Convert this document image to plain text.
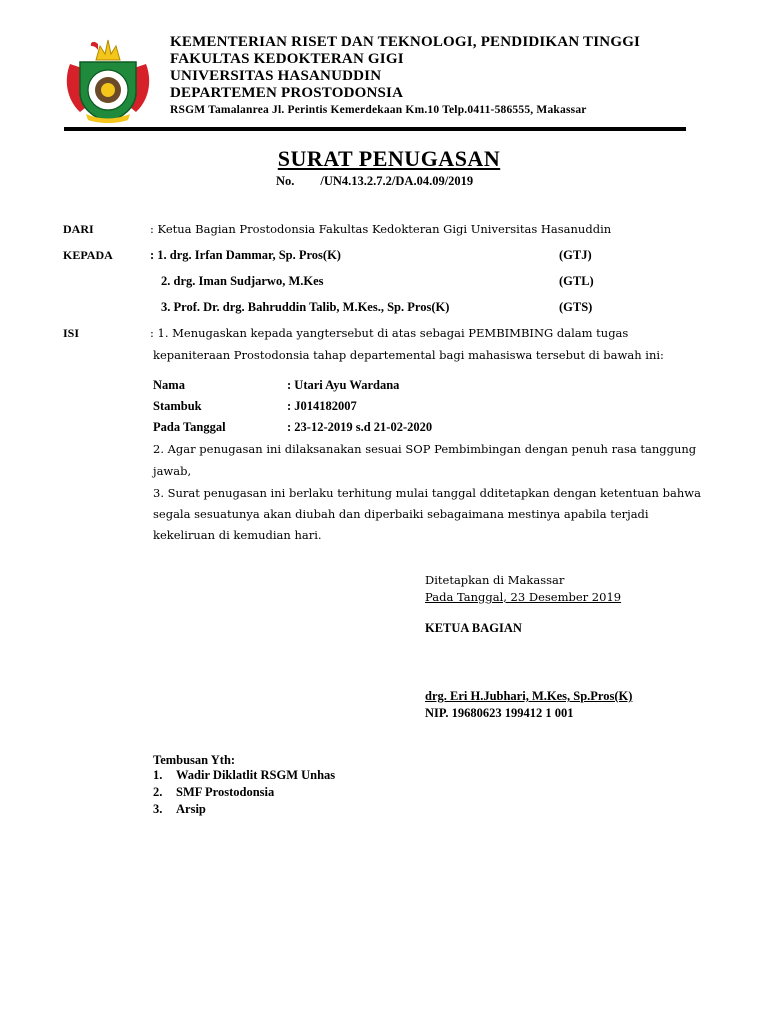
KEMENTERIAN RISET DAN TEKNOLOGI, PENDIDIKAN TINGGI
FAKULTAS KEDOKTERAN GIGI
UNIVERSITAS HASANUDDIN
DEPARTEMEN PROSTODONSIA
RSGM Tamalanrea Jl. Perintis Kemerdekaan Km.10 Telp.0411-586555, Makassar
SURAT PENUGASAN
No. /UN4.13.2.7.2/DA.04.09/2019
DARI	: Ketua Bagian Prostodonsia Fakultas Kedokteran Gigi Universitas Hasanuddin
KEPADA	: 1. drg. Irfan Dammar, Sp. Pros(K)	(GTJ)
2. drg. Iman Sudjarwo, M.Kes	(GTL)
3. Prof. Dr. drg. Bahruddin Talib, M.Kes., Sp. Pros(K)	(GTS)
ISI	: 1. Menugaskan kepada yangtersebut di atas sebagai PEMBIMBING dalam tugas
kepaniteraan Prostodonsia tahap departemental bagi mahasiswa tersebut di bawah ini:
Nama	: Utari Ayu Wardana
Stambuk	: J014182007
Pada Tanggal	: 23-12-2019 s.d 21-02-2020
2. Agar penugasan ini dilaksanakan sesuai SOP Pembimbingan dengan penuh rasa tanggung
jawab,
3. Surat penugasan ini berlaku terhitung mulai tanggal dditetapkan dengan ketentuan bahwa
segala sesuatunya akan diubah dan diperbaiki sebagaimana mestinya apabila terjadi
kekeliruan di kemudian hari.
Ditetapkan di Makassar
Pada Tanggal, 23 Desember 2019
KETUA BAGIAN
drg. Eri H.Jubhari, M.Kes, Sp.Pros(K)
NIP. 19680623 199412 1 001
Tembusan Yth:
1. Wadir Diklatlit RSGM Unhas
2. SMF Prostodonsia
3. Arsip
